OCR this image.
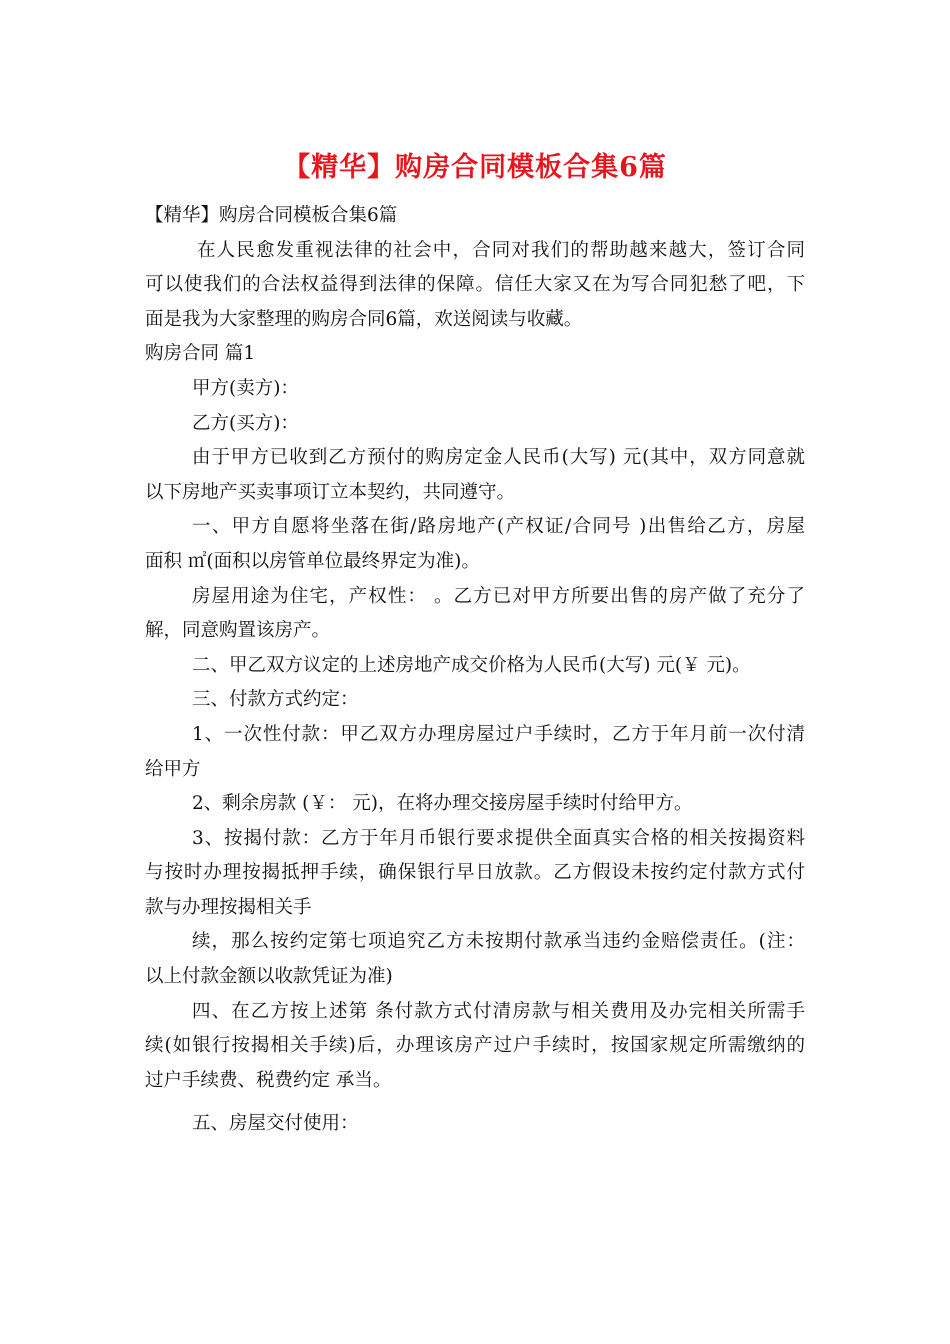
【精华】购房合同模板合集6篇
【精华】购房合同模板合集6篇
在人民愈发重视法律的社会中，合同对我们的帮助越来越大，签订合同
可以使我们的合法权益得到法律的保障。信任大家又在为写合同犯愁了吧，下
面是我为大家整理的购房合同6篇，欢送阅读与收藏。
购房合同 篇1
甲方(卖方)：
乙方(买方)：
由于甲方已收到乙方预付的购房定金人民币(大写) 元(其中，双方同意就
以下房地产买卖事项订立本契约，共同遵守。
一、甲方自愿将坐落在街/路房地产(产权证/合同号 )出售给乙方，房屋
面积 ㎡(面积以房管单位最终界定为准)。
房屋用途为住宅，产权性： 。乙方已对甲方所要出售的房产做了充分了
解，同意购置该房产。
二、甲乙双方议定的上述房地产成交价格为人民币(大写) 元(￥ 元)。
三、付款方式约定：
1、一次性付款：甲乙双方办理房屋过户手续时，乙方于年月前一次付清
给甲方
2、剩余房款 (￥： 元)，在将办理交接房屋手续时付给甲方。
3、按揭付款：乙方于年月币银行要求提供全面真实合格的相关按揭资料
与按时办理按揭抵押手续，确保银行早日放款。乙方假设未按约定付款方式付
款与办理按揭相关手
续，那么按约定第七项追究乙方未按期付款承当违约金赔偿责任。(注：
以上付款金额以收款凭证为准)
四、在乙方按上述第 条付款方式付清房款与相关费用及办完相关所需手
续(如银行按揭相关手续)后，办理该房产过户手续时，按国家规定所需缴纳的
过户手续费、税费约定 承当。
五、房屋交付使用：
